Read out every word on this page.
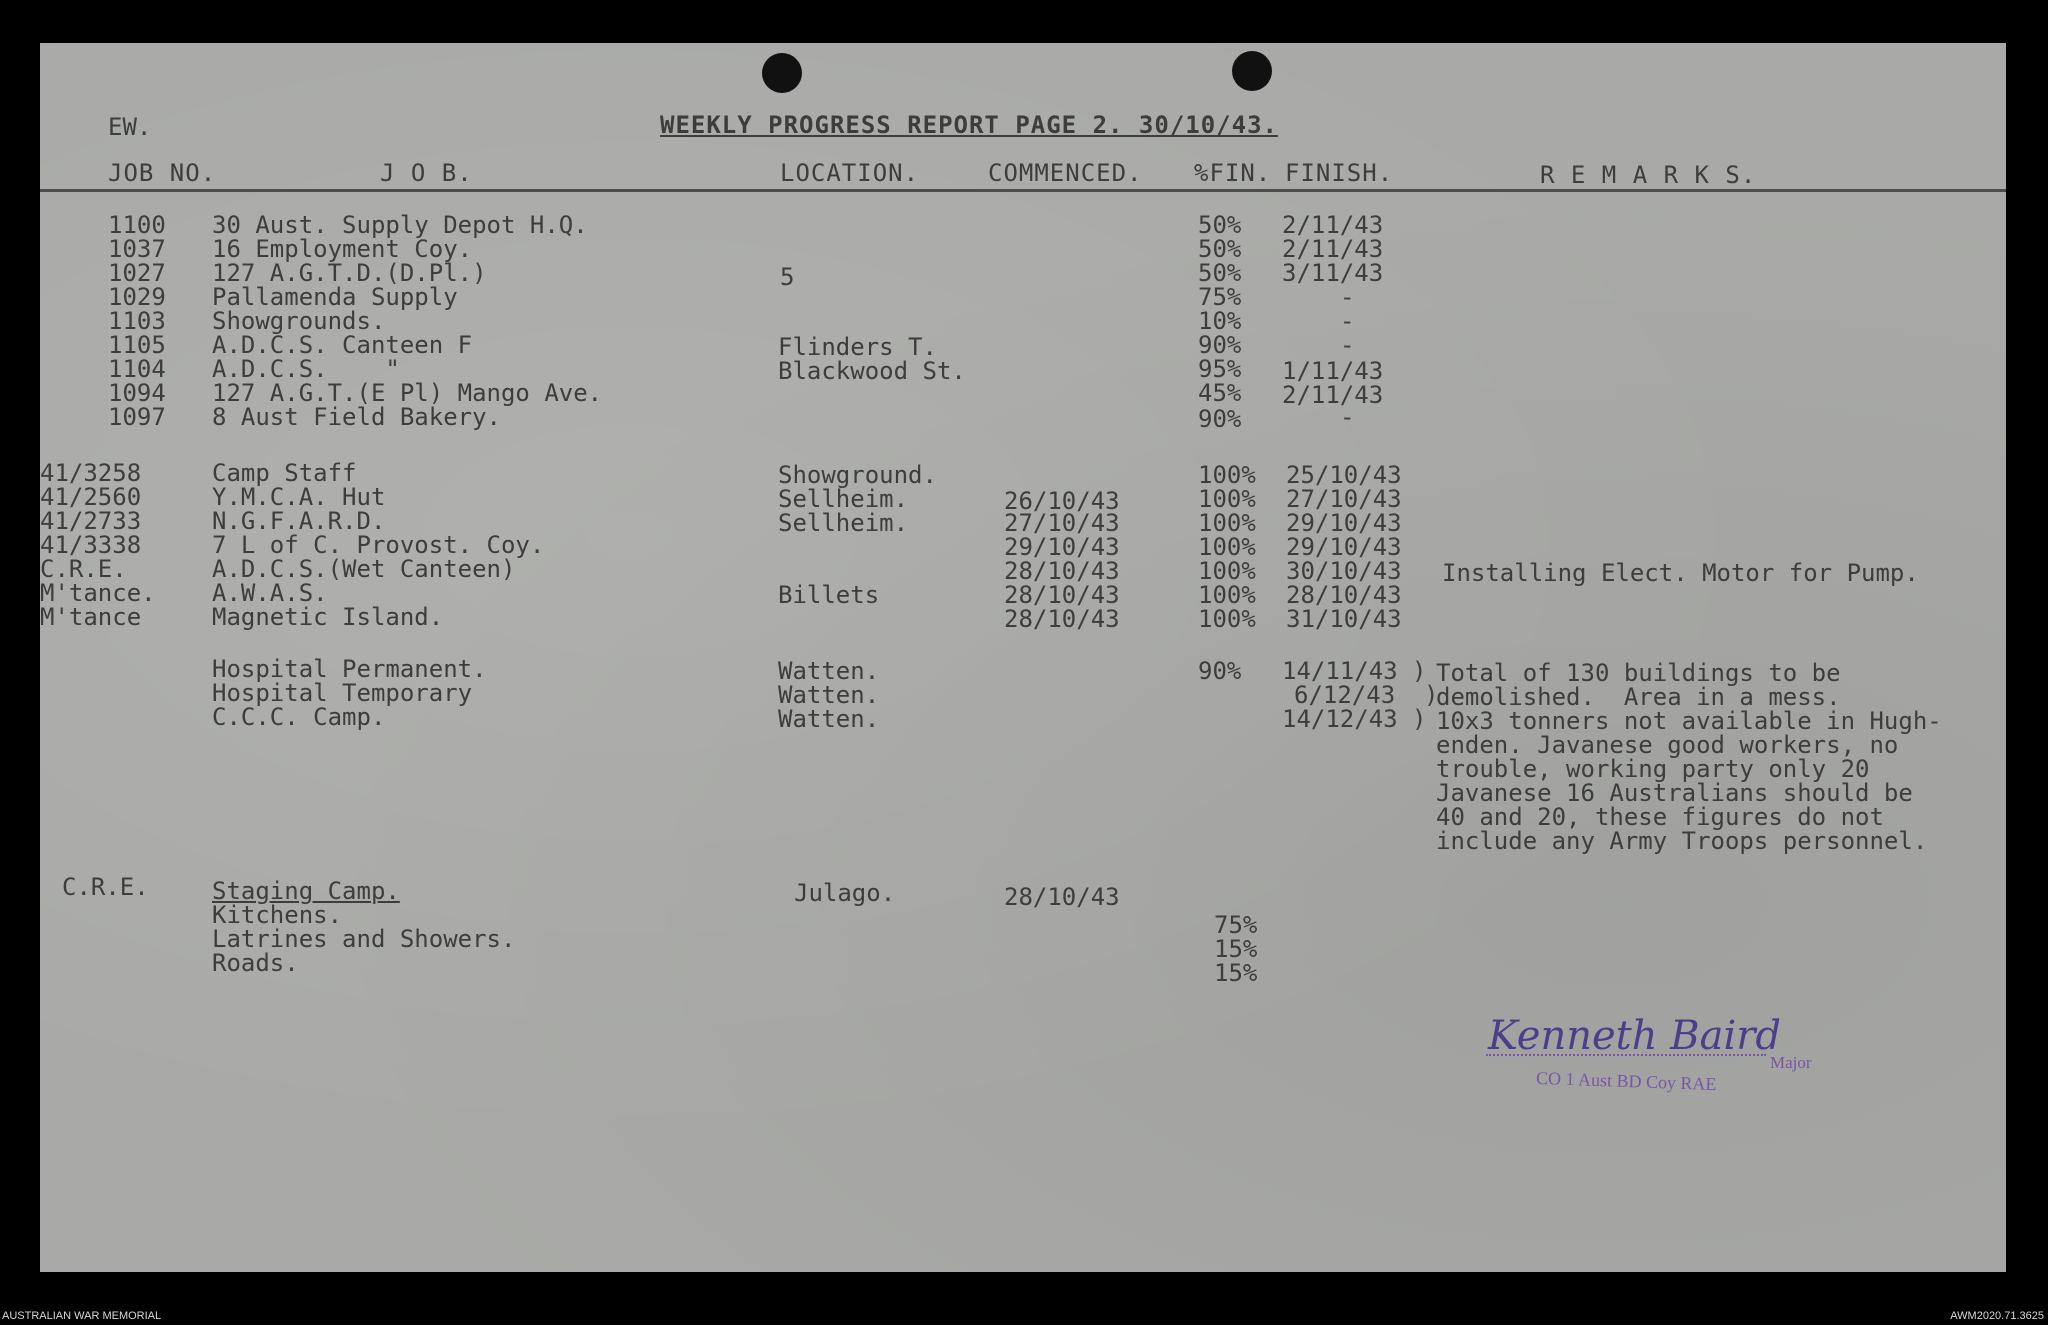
EW.	WEEKLY PROGRESS REPORT PAGE 2. 30/10/43.
JOB NO.	J O B.	LOCATION.	COMMENCED. %FIN. FINISH.	R E M A R K S.
1100 30 Aust. Supply Depot H.Q.	50% 2/11/43
1037 16 Employment Coy.	50% 2/11/43
1027 127 A.G.T.D.(D.Pl.)	5	50% 3/11/43
1029 Pallamenda Supply	75%	-
1103 Showgrounds.	10%	-
1105 A.D.C.S. Canteen F	Flinders T.	90%	-
1104 A.D.C.S.    "	Blackwood St.	95% 1/11/43
1094 127 A.G.T.(E Pl) Mango Ave.	45% 2/11/43
1097 8 Aust Field Bakery.	90%	-
41/3258	Camp Staff	Showground.	100% 25/10/43
41/2560	Y.M.C.A. Hut	Sellheim.	26/10/43	100% 27/10/43
41/2733	N.G.F.A.R.D.	Sellheim.	27/10/43	100% 29/10/43
41/3338	7 L of C. Provost. Coy.	29/10/43	100% 29/10/43
C.R.E.	A.D.C.S.(Wet Canteen)	28/10/43	100% 30/10/43 Installing Elect. Motor for Pump.
M'tance. A.W.A.S.	Billets	28/10/43	100% 28/10/43
M'tance	Magnetic Island.	28/10/43	100% 31/10/43
Hospital Permanent.	Watten.	90% 14/11/43 )
Hospital Temporary	Watten.	6/12/43  )
C.C.C. Camp.	Watten.	14/12/43 )
Total of 130 buildings to be
demolished.  Area in a mess.
10x3 tonners not available in Hugh-
enden. Javanese good workers, no
trouble, working party only 20
Javanese 16 Australians should be
40 and 20, these figures do not
include any Army Troops personnel.
C.R.E.	Staging Camp.	Julago.	28/10/43
Kitchens.	75%
Latrines and Showers.	15%
Roads.	15%
Kenneth Baird
Major
CO 1 Aust BD Coy RAE
AUSTRALIAN WAR MEMORIAL	AWM2020.71.3625
